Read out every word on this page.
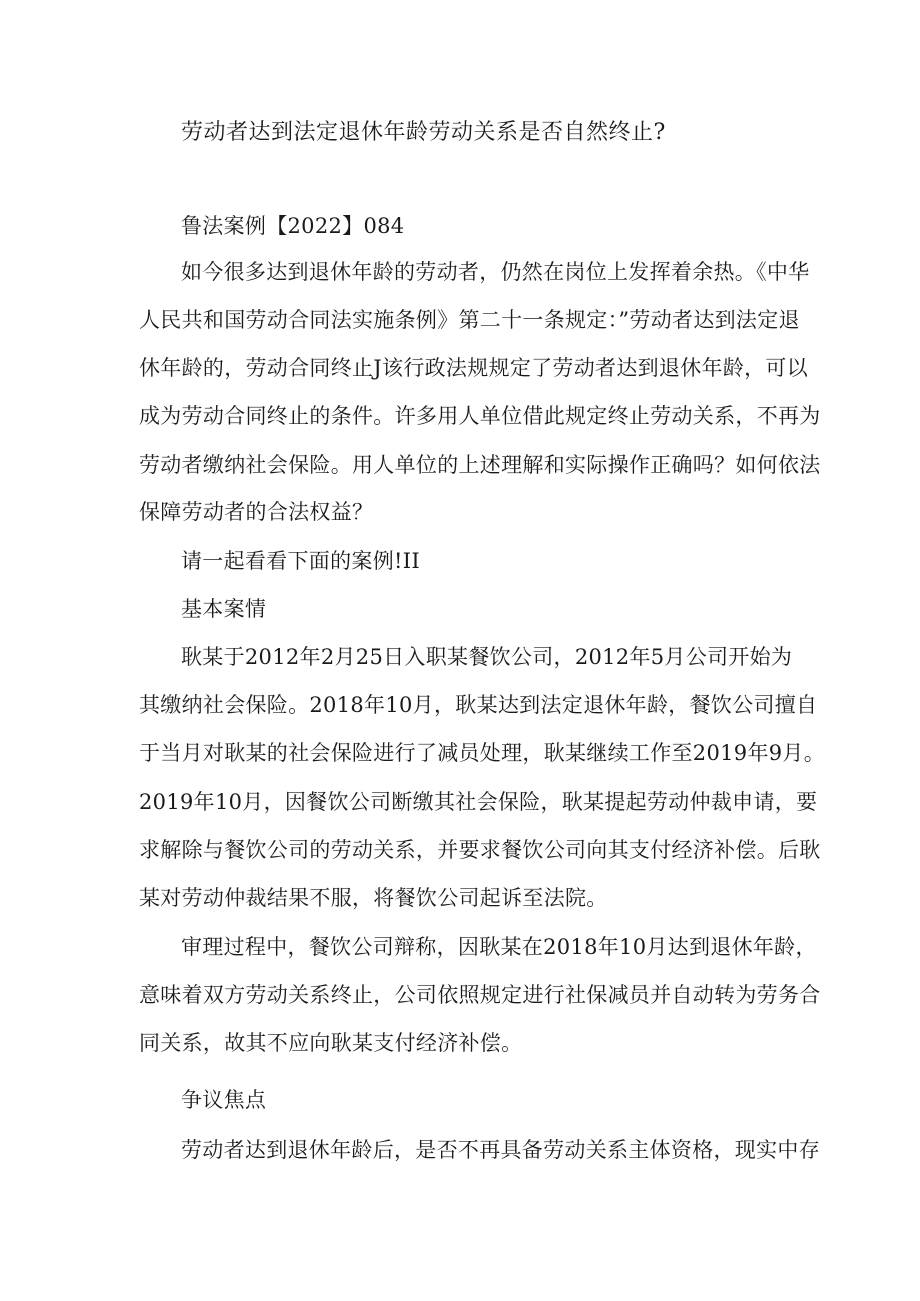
劳动者达到法定退休年龄劳动关系是否自然终止?
鲁法案例【2022】084
如今很多达到退休年龄的劳动者，仍然在岗位上发挥着余热。《中华
人民共和国劳动合同法实施条例》第二十一条规定：”劳动者达到法定退
休年龄的，劳动合同终止J该行政法规规定了劳动者达到退休年龄，可以
成为劳动合同终止的条件。许多用人单位借此规定终止劳动关系，不再为
劳动者缴纳社会保险。用人单位的上述理解和实际操作正确吗？如何依法
保障劳动者的合法权益？
请一起看看下面的案例!II
基本案情
耿某于2012年2月25日入职某餐饮公司，2012年5月公司开始为
其缴纳社会保险。2018年10月，耿某达到法定退休年龄，餐饮公司擅自
于当月对耿某的社会保险进行了减员处理，耿某继续工作至2019年9月。
2019年10月，因餐饮公司断缴其社会保险，耿某提起劳动仲裁申请，要
求解除与餐饮公司的劳动关系，并要求餐饮公司向其支付经济补偿。后耿
某对劳动仲裁结果不服，将餐饮公司起诉至法院。
审理过程中，餐饮公司辩称，因耿某在2018年10月达到退休年龄，
意味着双方劳动关系终止，公司依照规定进行社保减员并自动转为劳务合
同关系，故其不应向耿某支付经济补偿。
争议焦点
劳动者达到退休年龄后，是否不再具备劳动关系主体资格，现实中存
